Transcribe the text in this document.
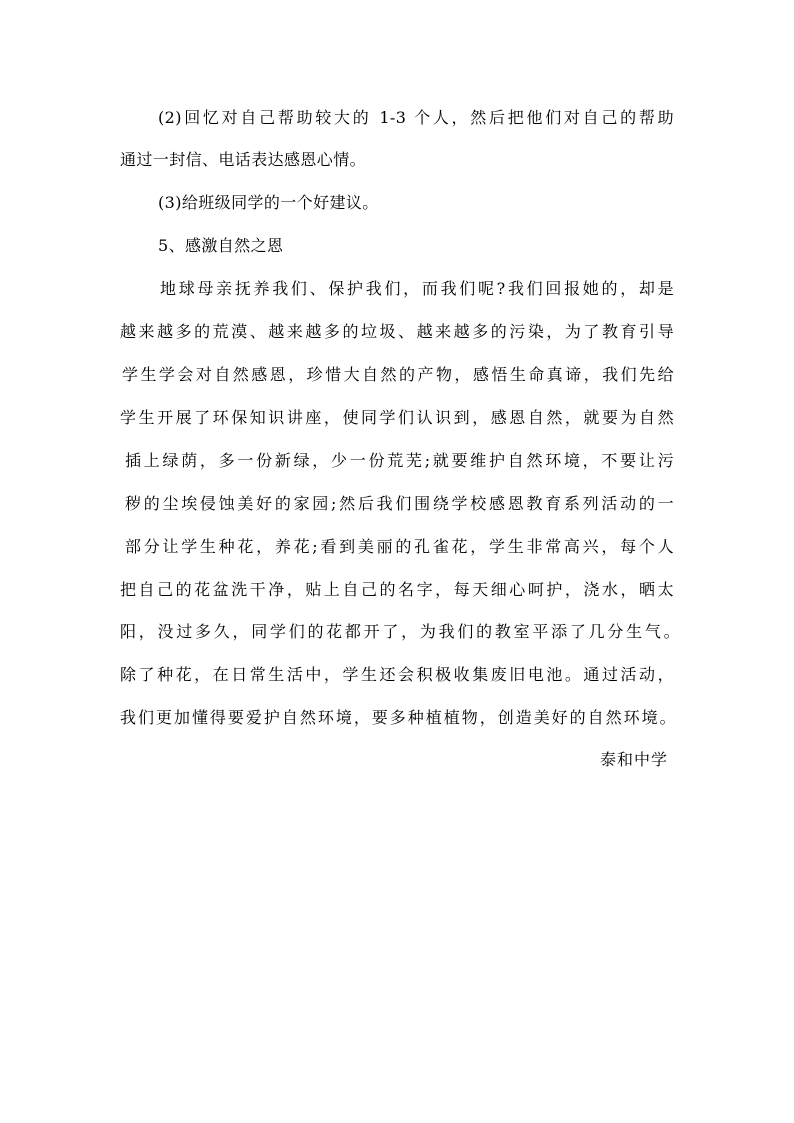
(2)回忆对自己帮助较大的 1-3 个人，然后把他们对自己的帮助
通过一封信、电话表达感恩心情。
(3)给班级同学的一个好建议。
5、感激自然之恩
地球母亲抚养我们、保护我们，而我们呢?我们回报她的，却是
越来越多的荒漠、越来越多的垃圾、越来越多的污染，为了教育引导
学生学会对自然感恩，珍惜大自然的产物，感悟生命真谛，我们先给
学生开展了环保知识讲座，使同学们认识到，感恩自然，就要为自然
插上绿荫，多一份新绿，少一份荒芜;就要维护自然环境，不要让污
秽的尘埃侵蚀美好的家园;然后我们围绕学校感恩教育系列活动的一
部分让学生种花，养花;看到美丽的孔雀花，学生非常高兴，每个人
把自己的花盆洗干净，贴上自己的名字，每天细心呵护，浇水，晒太
阳，没过多久，同学们的花都开了，为我们的教室平添了几分生气。
除了种花，在日常生活中，学生还会积极收集废旧电池。通过活动，
我们更加懂得要爱护自然环境，要多种植植物，创造美好的自然环境。
泰和中学
